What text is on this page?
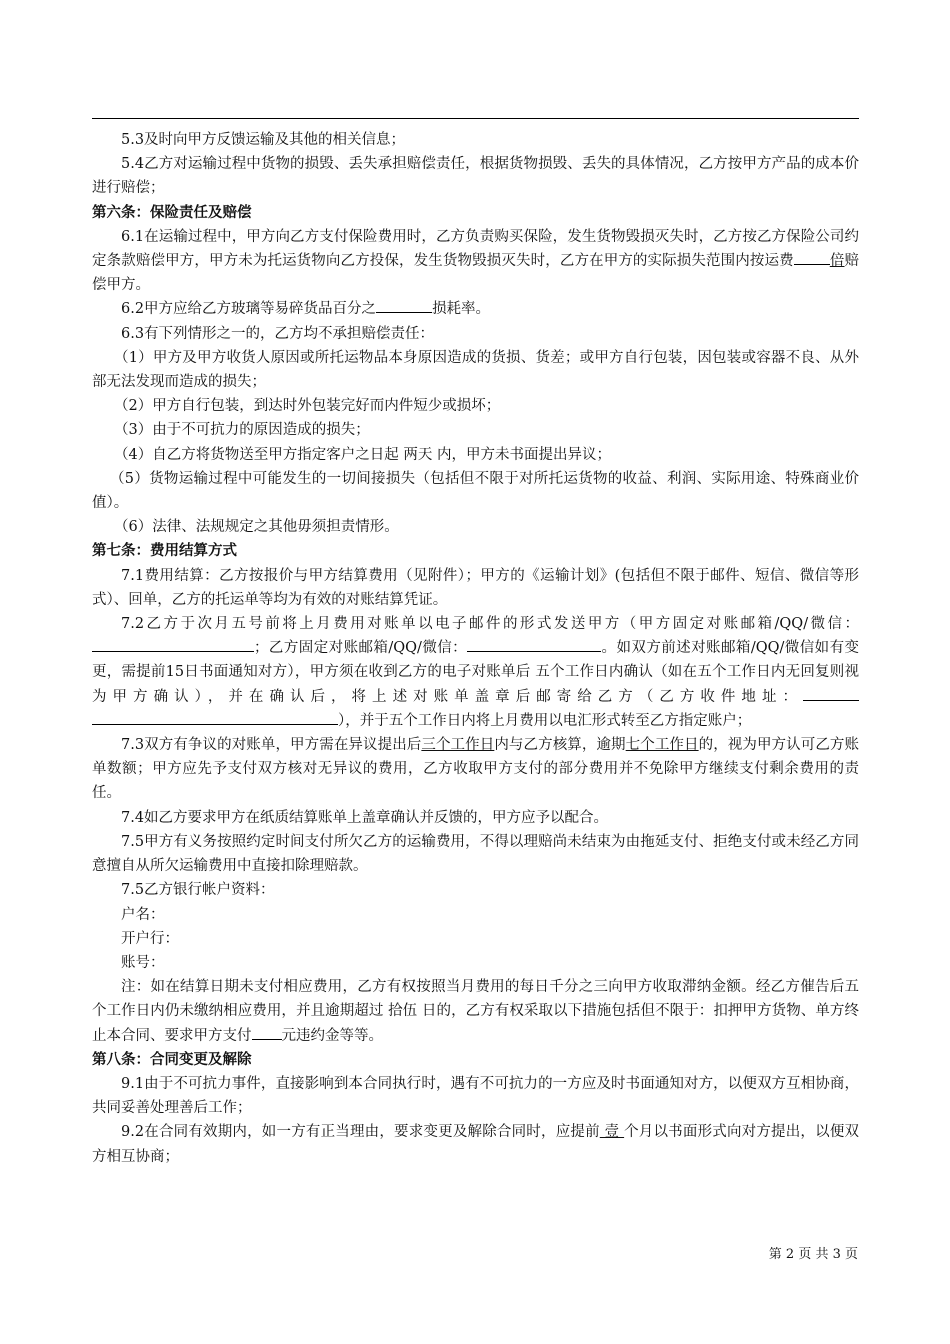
5.3及时向甲方反馈运输及其他的相关信息；

5.4乙方对运输过程中货物的损毁、丢失承担赔偿责任，根据货物损毁、丢失的具体情况，乙方按甲方产品的成本价进行赔偿；

第六条：保险责任及赔偿

6.1在运输过程中，甲方向乙方支付保险费用时，乙方负责购买保险，发生货物毁损灭失时，乙方按乙方保险公司约定条款赔偿甲方，甲方未为托运货物向乙方投保，发生货物毁损灭失时，乙方在甲方的实际损失范围内按运费 倍赔偿甲方。

6.2甲方应给乙方玻璃等易碎货品百分之	损耗率。

6.3有下列情形之一的，乙方均不承担赔偿责任：

（1）甲方及甲方收货人原因或所托运物品本身原因造成的货损、货差；或甲方自行包装，因包装或容器不良、从外部无法发现而造成的损失；

（2）甲方自行包装，到达时外包装完好而内件短少或损坏；

（3）由于不可抗力的原因造成的损失；

（4）自乙方将货物送至甲方指定客户之日起 两天 内，甲方未书面提出异议；

（5）货物运输过程中可能发生的一切间接损失（包括但不限于对所托运货物的收益、利润、实际用途、特殊商业价值）。

（6）法律、法规规定之其他毋须担责情形。

第七条：费用结算方式

7.1费用结算：乙方按报价与甲方结算费用（见附件）；甲方的《运输计划》(包括但不限于邮件、短信、微信等形式）、回单，乙方的托运单等均为有效的对账结算凭证。

7.2乙方于次月五号前将上月费用对账单以电子邮件的形式发送甲方（甲方固定对账邮箱/QQ/微信：；乙方固定对账邮箱/QQ/微信：	。如双方前述对账邮箱/QQ/微信如有变更，需提前15日书面通知对方），甲方须在收到乙方的电子对账单后 五个工作日内确认（如在五个工作日内无回复则视为甲方确认），并在确认后，将上述对账单盖章后邮寄给乙方（乙方收件地址：），并于五个工作日内将上月费用以电汇形式转至乙方指定账户；

7.3双方有争议的对账单，甲方需在异议提出后三个工作日内与乙方核算，逾期七个工作日的，视为甲方认可乙方账单数额；甲方应先予支付双方核对无异议的费用，乙方收取甲方支付的部分费用并不免除甲方继续支付剩余费用的责任。

7.4如乙方要求甲方在纸质结算账单上盖章确认并反馈的，甲方应予以配合。

7.5甲方有义务按照约定时间支付所欠乙方的运输费用，不得以理赔尚未结束为由拖延支付、拒绝支付或未经乙方同意擅自从所欠运输费用中直接扣除理赔款。

7.5乙方银行帐户资料：

户名：

开户行：

账号：

注：如在结算日期未支付相应费用，乙方有权按照当月费用的每日千分之三向甲方收取滞纳金额。经乙方催告后五个工作日内仍未缴纳相应费用，并且逾期超过 拾伍 日的，乙方有权采取以下措施包括但不限于：扣押甲方货物、单方终止本合同、要求甲方支付 元违约金等等。

第八条：合同变更及解除

9.1由于不可抗力事件，直接影响到本合同执行时，遇有不可抗力的一方应及时书面通知对方，以便双方互相协商，共同妥善处理善后工作；

9.2在合同有效期内，如一方有正当理由，要求变更及解除合同时，应提前 壹 个月以书面形式向对方提出，以便双方相互协商；

第 2 页 共 3 页
